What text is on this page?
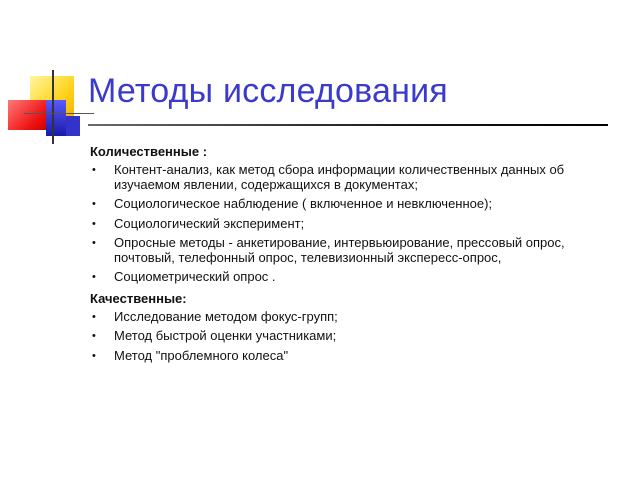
Методы исследования
Количественные :
• Контент-анализ, как метод сбора информации количественных данных об изучаемом явлении, содержащихся в документах;
• Социологическое наблюдение ( включенное и невключенное);
• Социологический эксперимент;
• Опросные методы - анкетирование, интервьюирование, прессовый опрос, почтовый, телефонный опрос, телевизионный экспересс-опрос,
• Социометрический опрос .
Качественные:
• Исследование методом фокус-групп;
• Метод быстрой оценки участниками;
• Метод "проблемного колеса"
